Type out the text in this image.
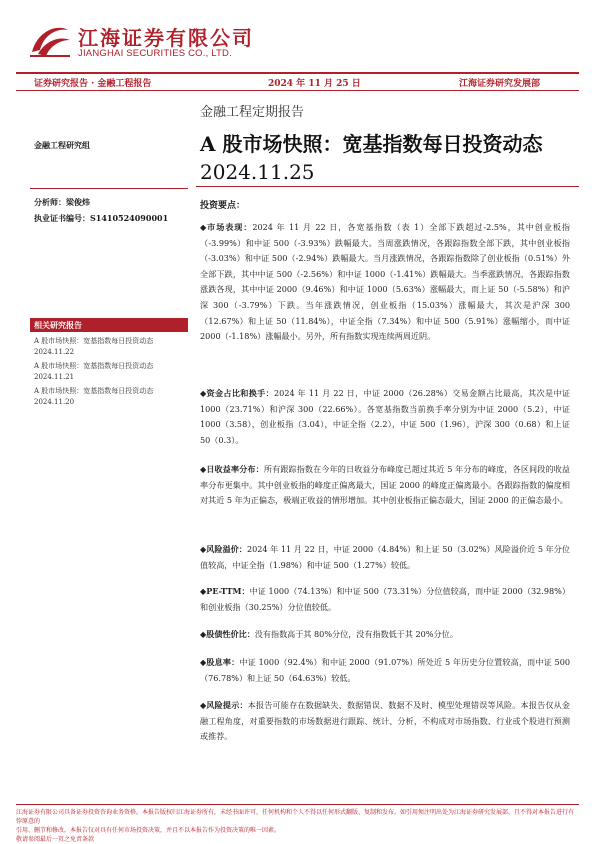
江海证券有限公司
JIANGHAI SECURITIES CO., LTD.
证券研究报告 · 金融工程报告	2024 年 11 月 25 日	江海证券研究发展部
金融工程定期报告
A 股市场快照：宽基指数每日投资动态
2024.11.25
金融工程研究组
分析师：梁俊炜
执业证书编号：S1410524090001
相关研究报告
A 股市场快照：宽基指数每日投资动态 2024.11.22
A 股市场快照：宽基指数每日投资动态 2024.11.21
A 股市场快照：宽基指数每日投资动态 2024.11.20
投资要点：
◆市场表现：2024 年 11 月 22 日，各宽基指数（表 1）全部下跌超过-2.5%，其中创业板指（-3.99%）和中证 500（-3.93%）跌幅最大。当周涨跌情况，各跟踪指数全部下跌，其中创业板指（-3.03%）和中证 500（-2.94%）跌幅最大。当月涨跌情况，各跟踪指数除了创业板指（0.51%）外全部下跌，其中中证 500（-2.56%）和中证 1000（-1.41%）跌幅最大。当季涨跌情况，各跟踪指数涨跌各现，其中中证 2000（9.46%）和中证 1000（5.63%）涨幅最大，而上证 50（-5.58%）和沪深 300（-3.79%）下跌。当年涨跌情况，创业板指（15.03%）涨幅最大，其次是沪深 300（12.67%）和上证 50（11.84%），中证全指（7.34%）和中证 500（5.91%）涨幅缩小，而中证 2000（-1.18%）涨幅最小。另外，所有指数实现连续两周近阴。
◆资金占比和换手：2024 年 11 月 22 日，中证 2000（26.28%）交易金额占比最高，其次是中证 1000（23.71%）和沪深 300（22.66%）。各宽基指数当前换手率分别为中证 2000（5.2），中证 1000（3.58），创业板指（3.04），中证全指（2.2），中证 500（1.96），沪深 300（0.68）和上证 50（0.3）。
◆日收益率分布：所有跟踪指数在今年的日收益分布峰度已超过其近 5 年分布的峰度，各区间段的收益率分布更集中。其中创业板指的峰度正偏离最大，国证 2000 的峰度正偏离最小。各跟踪指数的偏度相对其近 5 年为正偏态，极端正收益的情形增加。其中创业板指正偏态最大，国证 2000 的正偏态最小。
◆风险溢价：2024 年 11 月 22 日，中证 2000（4.84%）和上证 50（3.02%）风险溢价近 5 年分位值较高，中证全指（1.98%）和中证 500（1.27%）较低。
◆PE-TTM：中证 1000（74.13%）和中证 500（73.31%）分位值较高，而中证 2000（32.98%）和创业板指（30.25%）分位值较低。
◆股债性价比：没有指数高于其 80%分位，没有指数低于其 20%分位。
◆股息率：中证 1000（92.4%）和中证 2000（91.07%）所处近 5 年历史分位置较高，而中证 500（76.78%）和上证 50（64.63%）较低。
◆风险提示：本报告可能存在数据缺失、数据错误、数据不及时、模型处理错误等风险。本报告仅从金融工程角度，对重要指数的市场数据进行跟踪、统计、分析，不构成对市场指数、行业或个股进行预测或推荐。
江海证券有限公司具备证券投资咨询业务资格。本报告版权归江海证券所有，未经书面许可，任何机构和个人不得以任何形式翻版、复制和发布。如引用须注明出处为江海证券研究发展部，且不得对本报告进行有悖原意的
引用、删节和修改。本报告仅对具有任何市场投资决策，并且不以本报告作为投资决策的唯一因素。
敬请参阅最后一页之免责条款
